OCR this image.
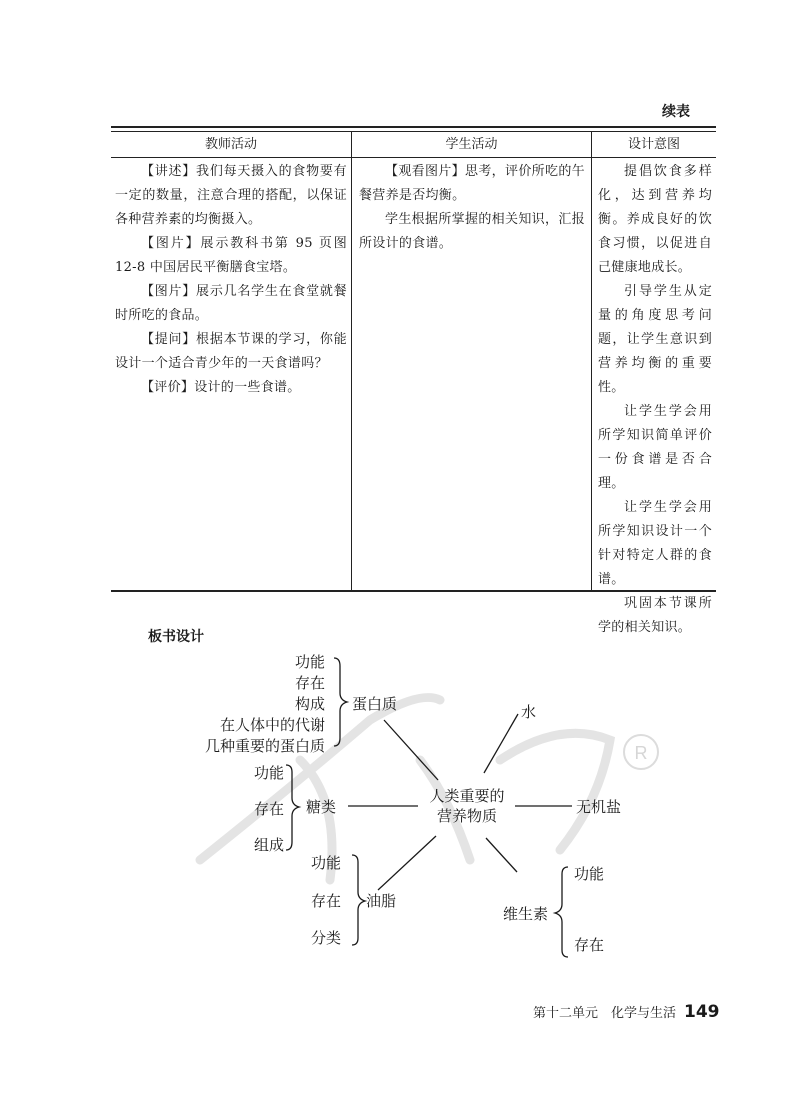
R
续表
教师活动	学生活动	设计意图

【讲述】我们每天摄入的食物要有一定的数量，注意合理的搭配，以保证各种营养素的均衡摄入。

【图片】展示教科书第 95 页图 12-8 中国居民平衡膳食宝塔。

【图片】展示几名学生在食堂就餐时所吃的食品。

【提问】根据本节课的学习，你能设计一个适合青少年的一天食谱吗？

【评价】设计的一些食谱。

【观看图片】思考，评价所吃的午餐营养是否均衡。

学生根据所掌握的相关知识，汇报所设计的食谱。

提倡饮食多样化，达到营养均衡。养成良好的饮食习惯，以促进自己健康地成长。

引导学生从定量的角度思考问题，让学生意识到营养均衡的重要性。

让学生学会用所学知识简单评价一份食谱是否合理。

让学生学会用所学知识设计一个针对特定人群的食谱。

巩固本节课所学的相关知识。

板书设计
人类重要的
营养物质
蛋白质
功能
存在
构成
在人体中的代谢
几种重要的蛋白质
水
糖类
功能
存在
组成
无机盐
油脂
功能
存在
分类
维生素
功能
存在
第十二单元　化学与生活 149
